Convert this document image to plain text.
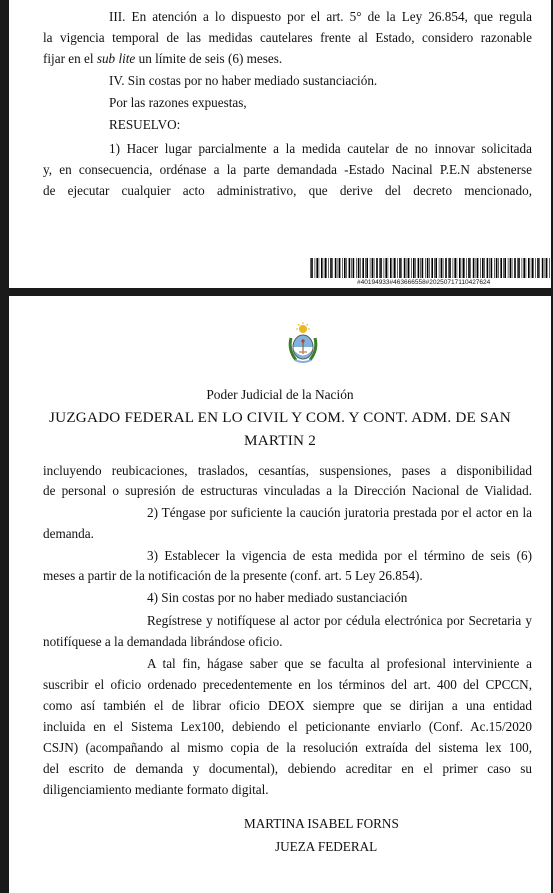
III. En atención a lo dispuesto por el art. 5° de la Ley 26.854, que regula

la vigencia temporal de las medidas cautelares frente al Estado, considero razonable

fijar en el sub lite un límite de seis (6) meses.

IV. Sin costas por no haber mediado sustanciación.

Por las razones expuestas,

RESUELVO:

1) Hacer lugar parcialmente a la medida cautelar de no innovar solicitada

y, en consecuencia, ordénase a la parte demandada -Estado Nacinal P.E.N abstenerse

de ejecutar cualquier acto administrativo, que derive del decreto mencionado,

#40194933#463666558#20250717110427624

Poder Judicial de la Nación

JUZGADO FEDERAL EN LO CIVIL Y COM. Y CONT. ADM. DE SAN

MARTIN 2

incluyendo reubicaciones, traslados, cesantías, suspensiones, pases a disponibilidad

de personal o supresión de estructuras vinculadas a la Dirección Nacional de Vialidad.

2) Téngase por suficiente la caución juratoria prestada por el actor en la

demanda.

3) Establecer la vigencia de esta medida por el término de seis (6)

meses a partir de la notificación de la presente (conf. art. 5 Ley 26.854).

4) Sin costas por no haber mediado sustanciación

Regístrese y notifíquese al actor por cédula electrónica por Secretaria y

notifíquese a la demandada librándose oficio.

A tal fin, hágase saber que se faculta al profesional interviniente a

suscribir el oficio ordenado precedentemente en los términos del art. 400 del CPCCN,

como así también el de librar oficio DEOX siempre que se dirijan a una entidad

incluida en el Sistema Lex100, debiendo el peticionante enviarlo (Conf. Ac.15/2020

CSJN) (acompañando al mismo copia de la resolución extraída del sistema lex 100,

del escrito de demanda y documental), debiendo acreditar en el primer caso su

diligenciamiento mediante formato digital.

MARTINA ISABEL FORNS

JUEZA FEDERAL
